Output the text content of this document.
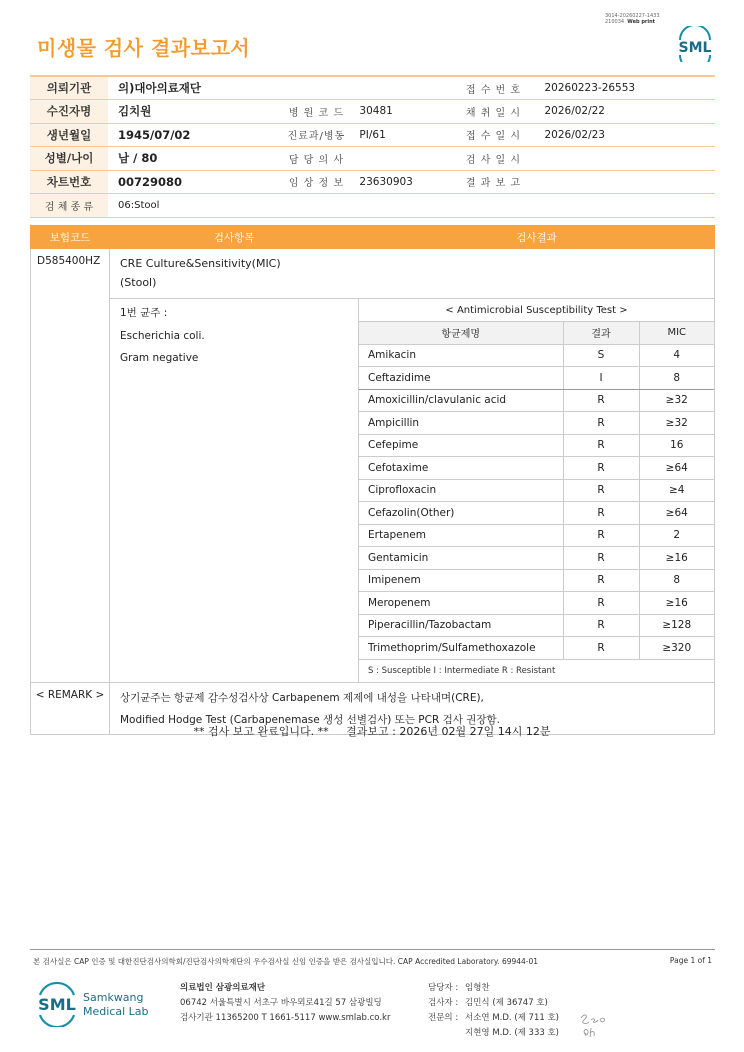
미생물 검사 결과보고서
3014-20260227-1433
210034 Web print
SML
의뢰기관	의)대아의료재단			접 수 번 호	20260223-26553
수진자명	김치원	병 원 코 드	30481	채 취 일 시	2026/02/22
생년월일	1945/07/02	진료과/병동	PI/61	접 수 일 시	2026/02/23
성별/나이	남 / 80	담 당 의 사		검 사 일 시	
차트번호	00729080	임 상 정 보	23630903	결 과 보 고	
검 체 종 류	06:Stool				
보험코드	검사항목	검사결과
D585400HZ	CRE Culture&Sensitivity(MIC)
(Stool)

1번 균주 :
Escherichia coli.
Gram negative

< Antimicrobial Susceptibility Test >
항균제명	결과	MIC
Amikacin	S	4
Ceftazidime	I	8
Amoxicillin/clavulanic acid	R	≥32
Ampicillin	R	≥32
Cefepime	R	16
Cefotaxime	R	≥64
Ciprofloxacin	R	≥4
Cefazolin(Other)	R	≥64
Ertapenem	R	2
Gentamicin	R	≥16
Imipenem	R	8
Meropenem	R	≥16
Piperacillin/Tazobactam	R	≥128
Trimethoprim/Sulfamethoxazole	R	≥320
S : Susceptible I : Intermediate R : Resistant

< REMARK >	상기균주는 항균제 감수성검사상 Carbapenem 제제에 내성을 나타내며(CRE),
Modified Hodge Test (Carbapenemase 생성 선별검사) 또는 PCR 검사 권장함.
** 검사 보고 완료입니다. **     결과보고 : 2026년 02월 27일 14시 12분
본 검사실은 CAP 인증 및 대한진단검사의학회/진단검사의학재단의 우수검사실 신임 인증을 받은 검사실입니다. CAP Accredited Laboratory. 69944-01	Page 1 of 1
SML Samkwang
Medical Lab
의료법인 삼광의료재단
06742 서울특별시 서초구 바우뫼로41길 57 삼광빌딩
검사기관 11365200 T 1661-5117 www.smlab.co.kr
담당자 : 임형찬
검사자 : 김민식 (제 36747 호)
전문의 : 서소연 M.D. (제 711 호)
지현영 M.D. (제 333 호)
